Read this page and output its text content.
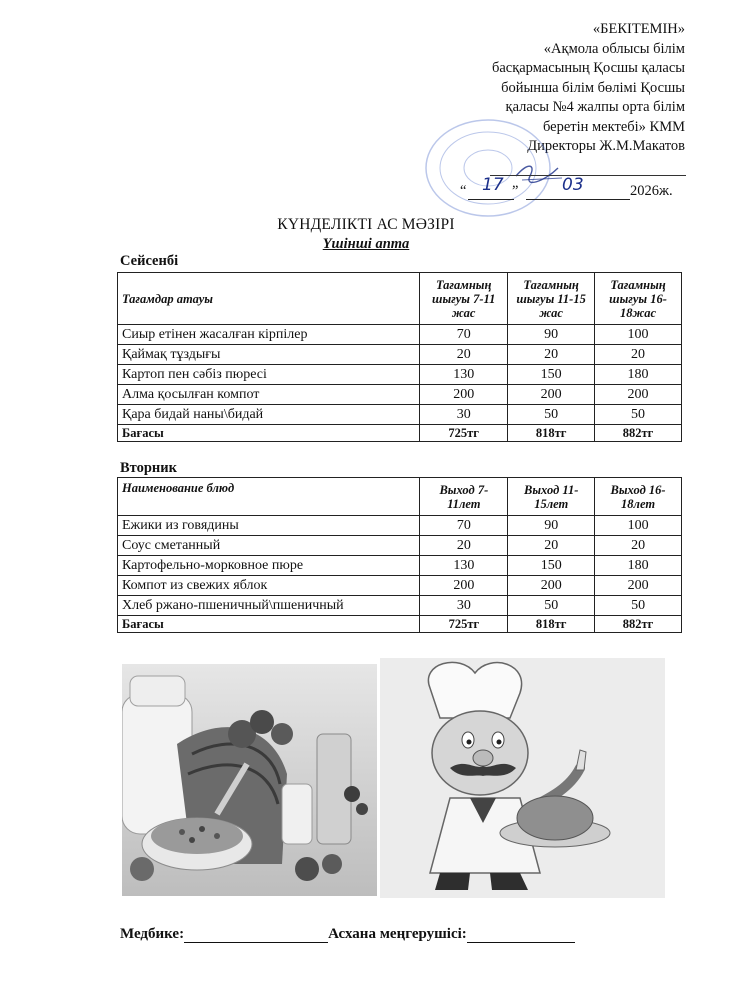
«БЕКІТЕМІН»
«Ақмола облысы білім
басқармасының Қосшы қаласы
бойынша білім бөлімі Қосшы
қаласы №4 жалпы орта білім
беретін мектебі» КММ
Директоры Ж.М.Макатов
“ 17 ”	03	2026ж.
КҮНДЕЛІКТІ АС МӘЗІРІ
Үшінші апта
Сейсенбі
Тағамдар атауы	Тағамның шығуы 7-11 жас	Тағамның шығуы 11-15 жас	Тағамның шығуы 16-18жас
Сиыр етінен жасалған кірпілер	70	90	100
Қаймақ тұздығы	20	20	20
Картоп пен сәбіз пюресі	130	150	180
Алма қосылған компот	200	200	200
Қара бидай наны\бидай	30	50	50
Бағасы	725тг	818тг	882тг
Вторник
Наименование блюд	Выход 7-11лет	Выход 11-15лет	Выход 16-18лет
Ежики из говядины	70	90	100
Соус сметанный	20	20	20
Картофельно-морковное пюре	130	150	180
Компот из свежих яблок	200	200	200
Хлеб ржано-пшеничный\пшеничный	30	50	50
Бағасы	725тг	818тг	882тг
Медбике:	Асхана меңгерушісі:
